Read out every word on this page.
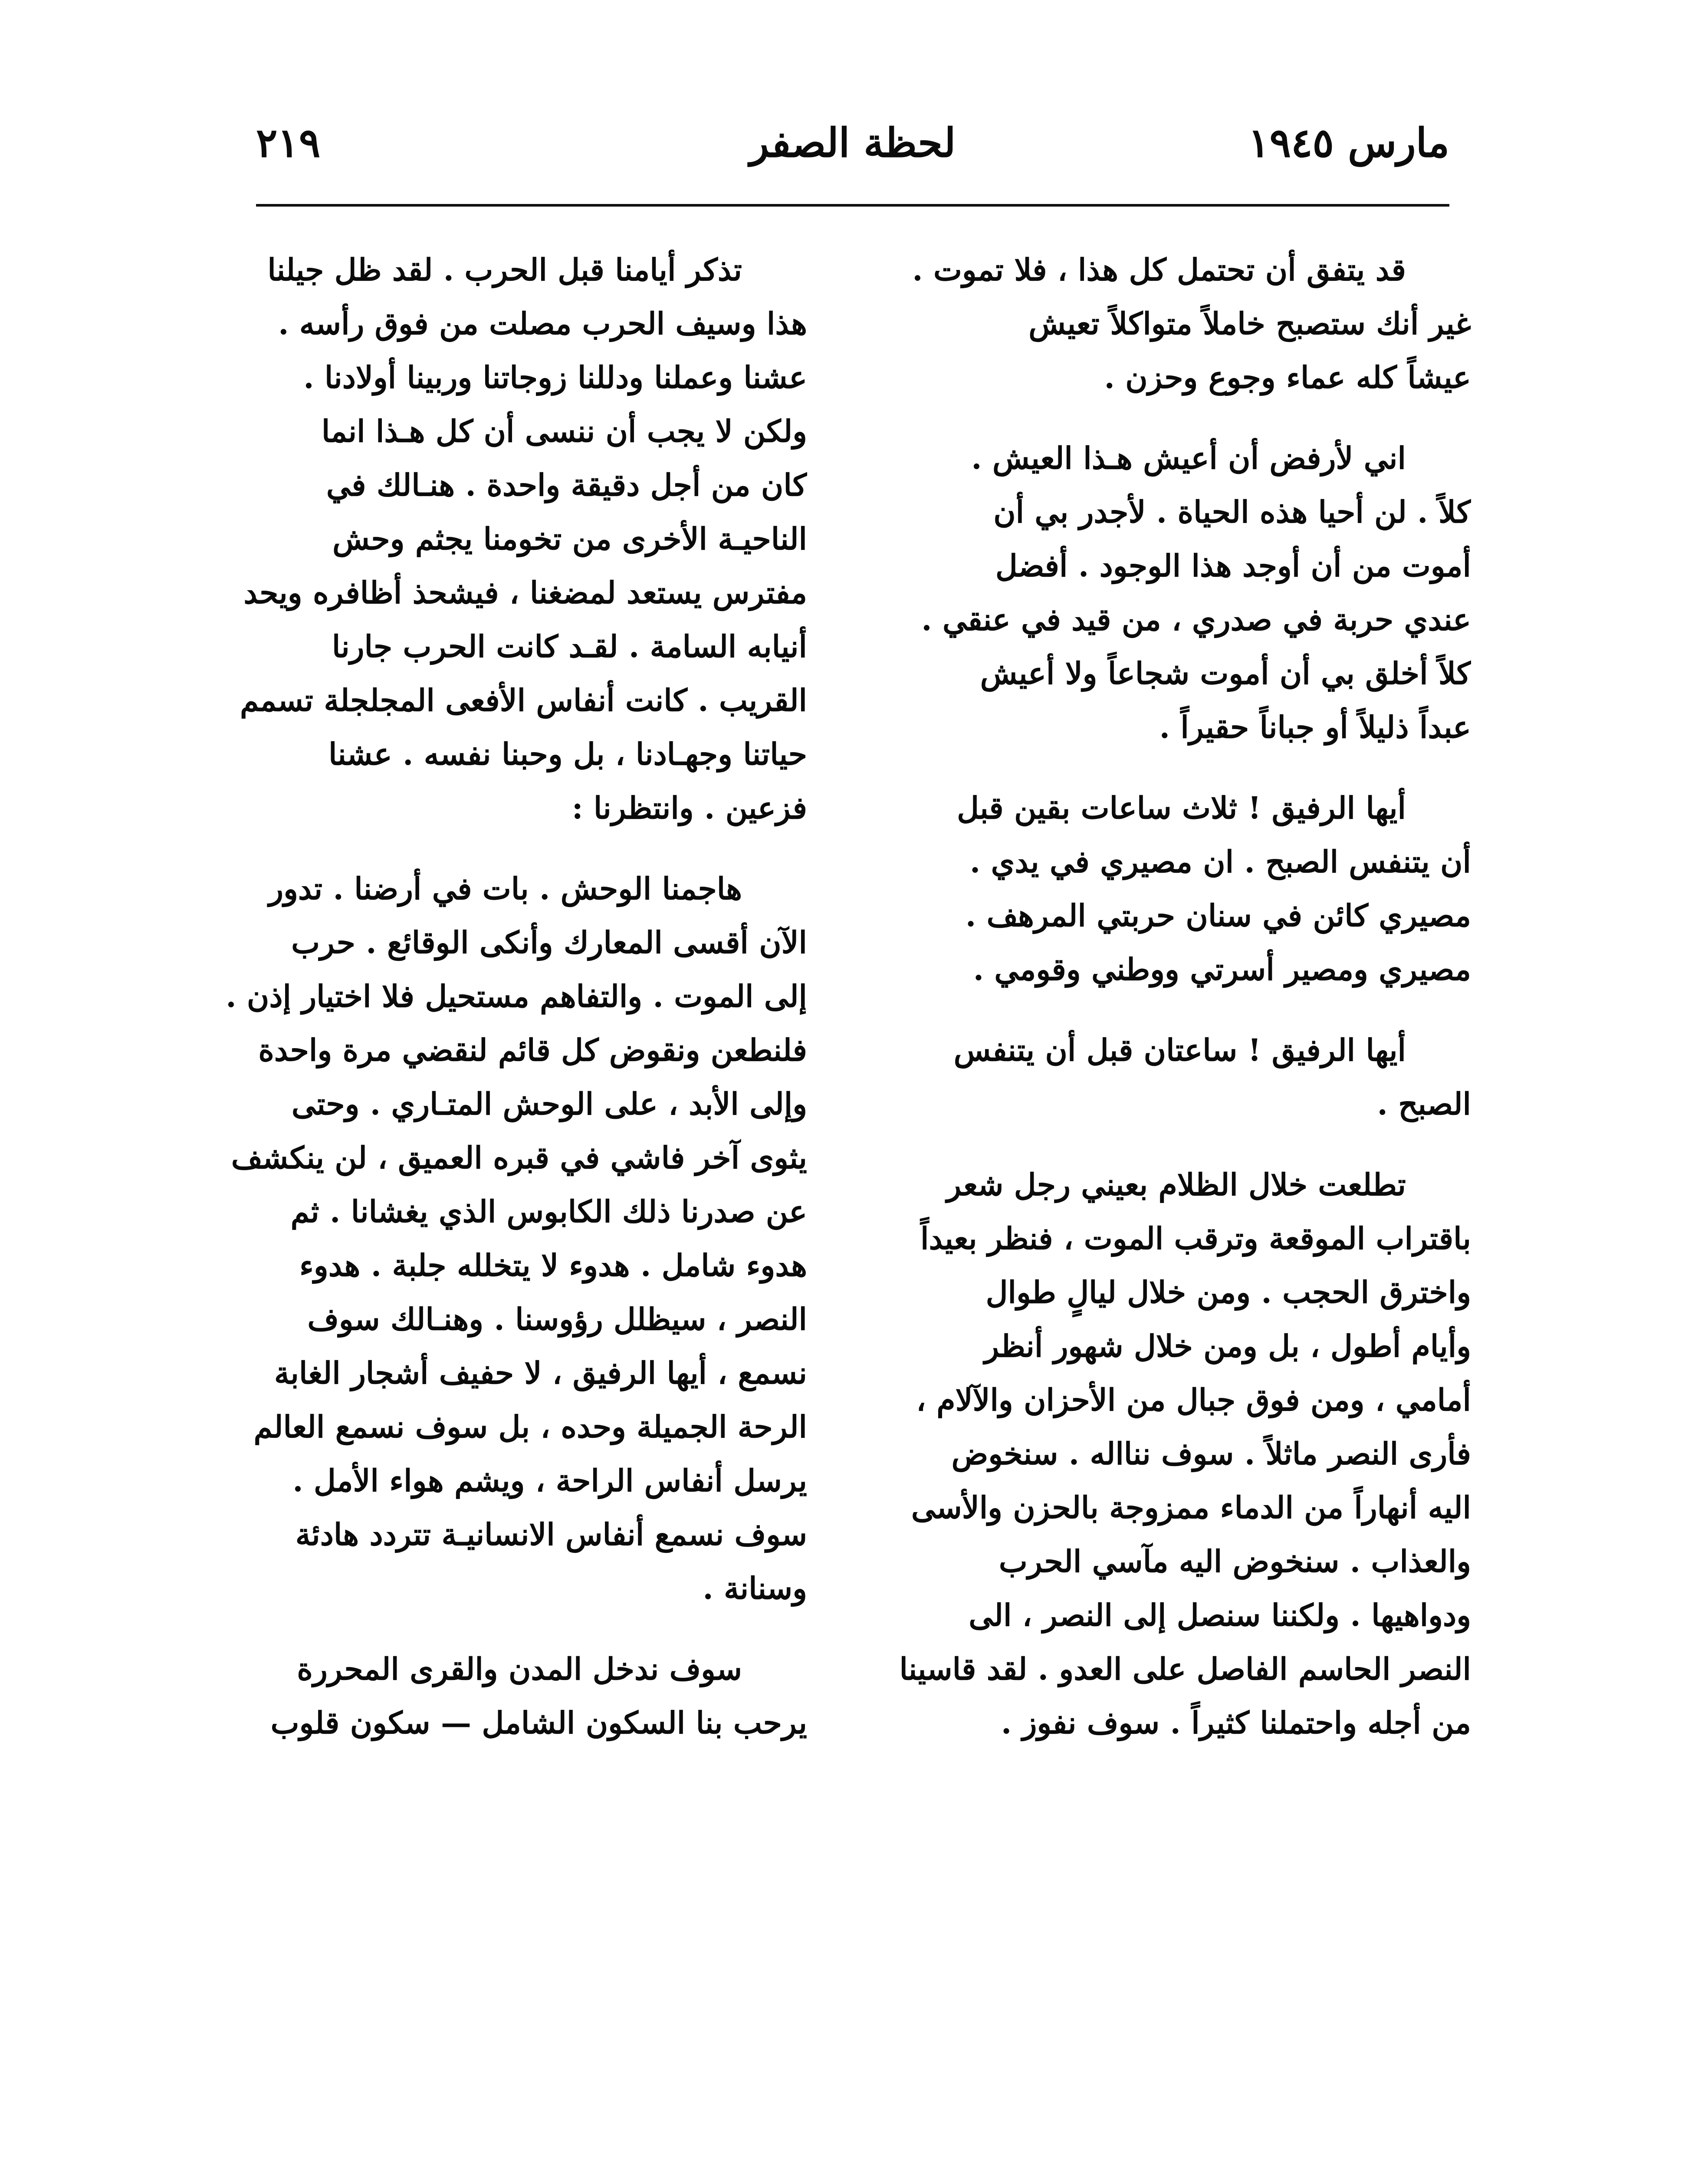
مارس ١٩٤٥
لحظة الصفر
٢١٩
قد يتفق أن تحتمل كل هذا ، فلا تموت .
غير أنك ستصبح خاملاً متواكلاً تعيش
عيشاً كله عماء وجوع وحزن .
اني لأرفض أن أعيش هـذا العيش .
كلاً . لن أحيا هذه الحياة . لأجدر بي أن
أموت من أن أوجد هذا الوجود . أفضل
عندي حربة في صدري ، من قيد في عنقي .
كلاً أخلق بي أن أموت شجاعاً ولا أعيش
عبداً ذليلاً أو جباناً حقيراً .
أيها الرفيق ! ثلاث ساعات بقين قبل
أن يتنفس الصبح . ان مصيري في يدي .
مصيري كائن في سنان حربتي المرهف .
مصيري ومصير أسرتي ووطني وقومي .
أيها الرفيق ! ساعتان قبل أن يتنفس
الصبح .
تطلعت خلال الظلام بعيني رجل شعر
باقتراب الموقعة وترقب الموت ، فنظر بعيداً
واخترق الحجب . ومن خلال ليالٍ طوال
وأيام أطول ، بل ومن خلال شهور أنظر
أمامي ، ومن فوق جبال من الأحزان والآلام ،
فأرى النصر ماثلاً . سوف ننااله . سنخوض
اليه أنهاراً من الدماء ممزوجة بالحزن والأسى
والعذاب . سنخوض اليه مآسي الحرب
ودواهيها . ولكننا سنصل إلى النصر ، الى
النصر الحاسم الفاصل على العدو . لقد قاسينا
من أجله واحتملنا كثيراً . سوف نفوز .
تذكر أيامنا قبل الحرب . لقد ظل جيلنا
هذا وسيف الحرب مصلت من فوق رأسه .
عشنا وعملنا ودللنا زوجاتنا وربينا أولادنا .
ولكن لا يجب أن ننسى أن كل هـذا انما
كان من أجل دقيقة واحدة . هنـالك في
الناحيـة الأخرى من تخومنا يجثم وحش
مفترس يستعد لمضغنا ، فيشحذ أظافره ويحد
أنيابه السامة . لقـد كانت الحرب جارنا
القريب . كانت أنفاس الأفعى المجلجلة تسمم
حياتنا وجهـادنا ، بل وحبنا نفسه . عشنا
فزعين . وانتظرنا :
هاجمنا الوحش . بات في أرضنا . تدور
الآن أقسى المعارك وأنكى الوقائع . حرب
إلى الموت . والتفاهم مستحيل فلا اختيار إذن .
فلنطعن ونقوض كل قائم لنقضي مرة واحدة
وإلى الأبد ، على الوحش المتـاري . وحتى
يثوى آخر فاشي في قبره العميق ، لن ينكشف
عن صدرنا ذلك الكابوس الذي يغشانا . ثم
هدوء شامل . هدوء لا يتخلله جلبة . هدوء
النصر ، سيظلل رؤوسنا . وهنـالك سوف
نسمع ، أيها الرفيق ، لا حفيف أشجار الغابة
الرحة الجميلة وحده ، بل سوف نسمع العالم
يرسل أنفاس الراحة ، ويشم هواء الأمل .
سوف نسمع أنفاس الانسانيـة تتردد هادئة
وسنانة .
سوف ندخل المدن والقرى المحررة
يرحب بنا السكون الشامل — سكون قلوب
